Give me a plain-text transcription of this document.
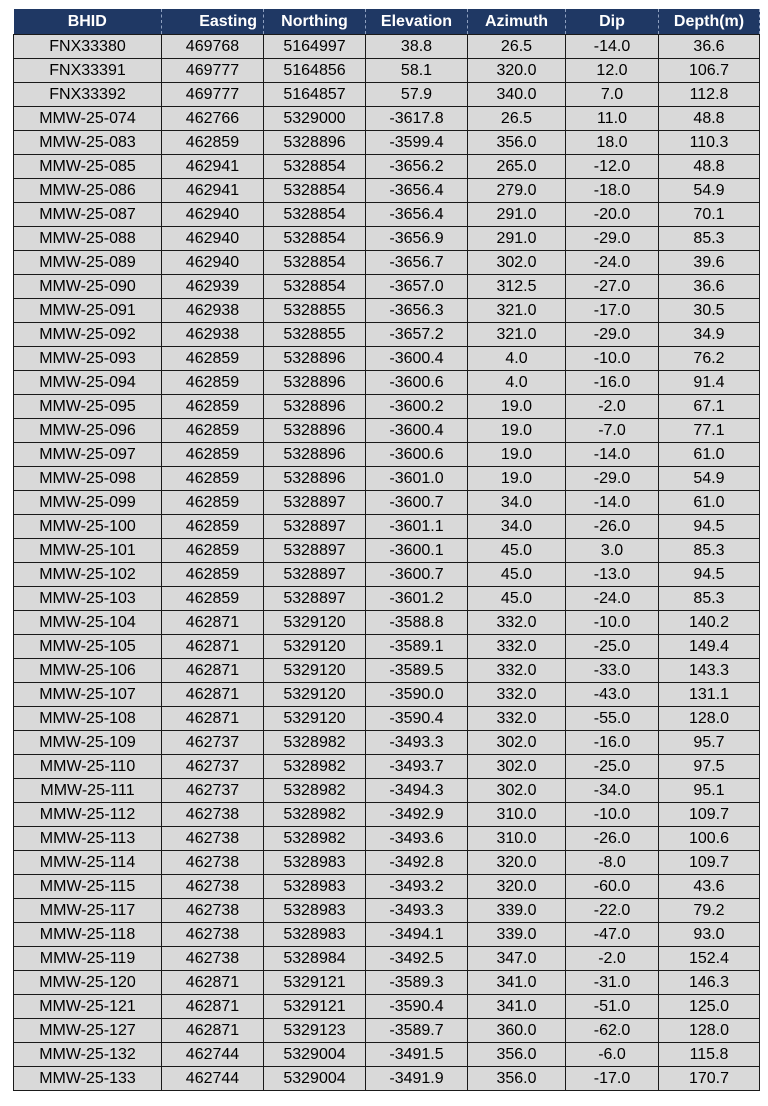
BHID	Easting	Northing	Elevation	Azimuth	Dip	Depth(m)
FNX33380	469768	5164997	38.8	26.5	-14.0	36.6
FNX33391	469777	5164856	58.1	320.0	12.0	106.7
FNX33392	469777	5164857	57.9	340.0	7.0	112.8
MMW-25-074	462766	5329000	-3617.8	26.5	11.0	48.8
MMW-25-083	462859	5328896	-3599.4	356.0	18.0	110.3
MMW-25-085	462941	5328854	-3656.2	265.0	-12.0	48.8
MMW-25-086	462941	5328854	-3656.4	279.0	-18.0	54.9
MMW-25-087	462940	5328854	-3656.4	291.0	-20.0	70.1
MMW-25-088	462940	5328854	-3656.9	291.0	-29.0	85.3
MMW-25-089	462940	5328854	-3656.7	302.0	-24.0	39.6
MMW-25-090	462939	5328854	-3657.0	312.5	-27.0	36.6
MMW-25-091	462938	5328855	-3656.3	321.0	-17.0	30.5
MMW-25-092	462938	5328855	-3657.2	321.0	-29.0	34.9
MMW-25-093	462859	5328896	-3600.4	4.0	-10.0	76.2
MMW-25-094	462859	5328896	-3600.6	4.0	-16.0	91.4
MMW-25-095	462859	5328896	-3600.2	19.0	-2.0	67.1
MMW-25-096	462859	5328896	-3600.4	19.0	-7.0	77.1
MMW-25-097	462859	5328896	-3600.6	19.0	-14.0	61.0
MMW-25-098	462859	5328896	-3601.0	19.0	-29.0	54.9
MMW-25-099	462859	5328897	-3600.7	34.0	-14.0	61.0
MMW-25-100	462859	5328897	-3601.1	34.0	-26.0	94.5
MMW-25-101	462859	5328897	-3600.1	45.0	3.0	85.3
MMW-25-102	462859	5328897	-3600.7	45.0	-13.0	94.5
MMW-25-103	462859	5328897	-3601.2	45.0	-24.0	85.3
MMW-25-104	462871	5329120	-3588.8	332.0	-10.0	140.2
MMW-25-105	462871	5329120	-3589.1	332.0	-25.0	149.4
MMW-25-106	462871	5329120	-3589.5	332.0	-33.0	143.3
MMW-25-107	462871	5329120	-3590.0	332.0	-43.0	131.1
MMW-25-108	462871	5329120	-3590.4	332.0	-55.0	128.0
MMW-25-109	462737	5328982	-3493.3	302.0	-16.0	95.7
MMW-25-110	462737	5328982	-3493.7	302.0	-25.0	97.5
MMW-25-111	462737	5328982	-3494.3	302.0	-34.0	95.1
MMW-25-112	462738	5328982	-3492.9	310.0	-10.0	109.7
MMW-25-113	462738	5328982	-3493.6	310.0	-26.0	100.6
MMW-25-114	462738	5328983	-3492.8	320.0	-8.0	109.7
MMW-25-115	462738	5328983	-3493.2	320.0	-60.0	43.6
MMW-25-117	462738	5328983	-3493.3	339.0	-22.0	79.2
MMW-25-118	462738	5328983	-3494.1	339.0	-47.0	93.0
MMW-25-119	462738	5328984	-3492.5	347.0	-2.0	152.4
MMW-25-120	462871	5329121	-3589.3	341.0	-31.0	146.3
MMW-25-121	462871	5329121	-3590.4	341.0	-51.0	125.0
MMW-25-127	462871	5329123	-3589.7	360.0	-62.0	128.0
MMW-25-132	462744	5329004	-3491.5	356.0	-6.0	115.8
MMW-25-133	462744	5329004	-3491.9	356.0	-17.0	170.7
